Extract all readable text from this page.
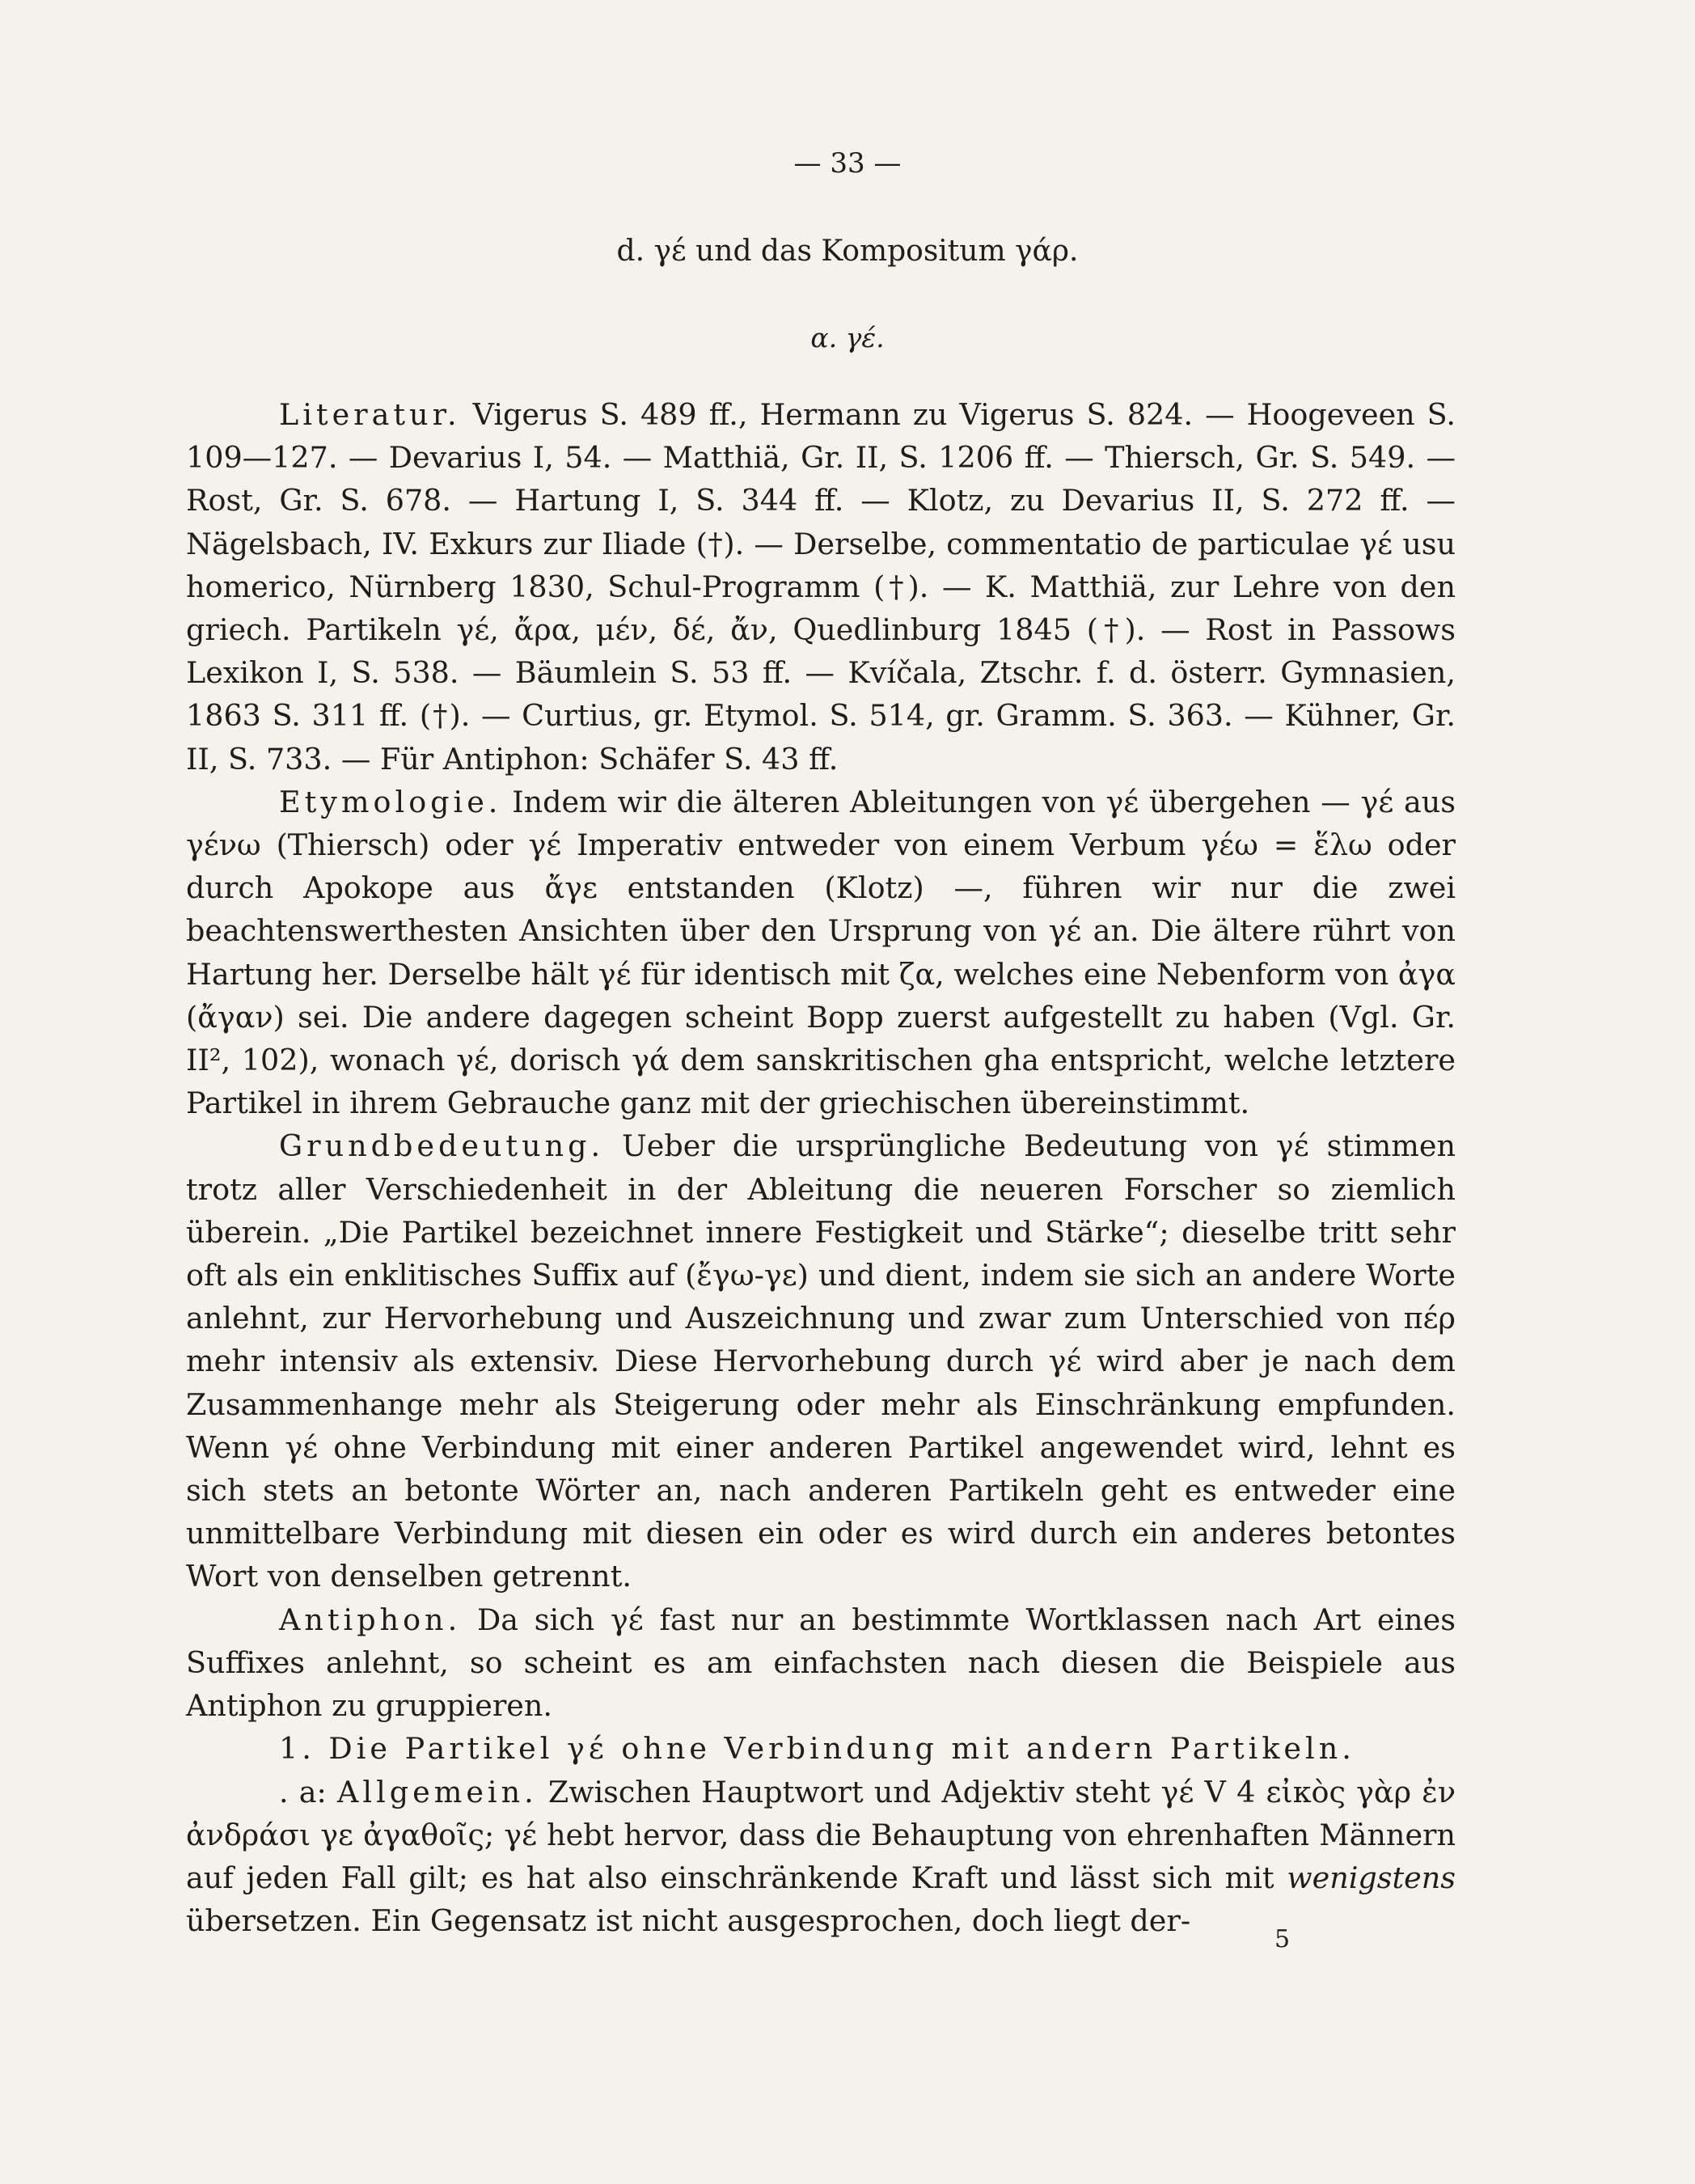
— 33 —
d. γέ und das Kompositum γάρ.
α. γέ.

Literatur. Vigerus S. 489 ff., Hermann zu Vigerus S. 824. — Hoogeveen S. 109—127. — Devarius I, 54. — Matthiä, Gr. II, S. 1206 ff. — Thiersch, Gr. S. 549. — Rost, Gr. S. 678. — Hartung I, S. 344 ff. — Klotz, zu Devarius II, S. 272 ff. — Nägelsbach, IV. Exkurs zur Iliade (†). — Derselbe, commentatio de particulae γέ usu homerico, Nürnberg 1830, Schul-Programm (†). — K. Matthiä, zur Lehre von den griech. Partikeln γέ, ἄρα, μέν, δέ, ἄν, Quedlinburg 1845 (†). — Rost in Passows Lexikon I, S. 538. — Bäumlein S. 53 ff. — Kvíčala, Ztschr. f. d. österr. Gymnasien, 1863 S. 311 ff. (†). — Curtius, gr. Etymol. S. 514, gr. Gramm. S. 363. — Kühner, Gr. II, S. 733. — Für Antiphon: Schäfer S. 43 ff.

Etymologie. Indem wir die älteren Ableitungen von γέ übergehen — γέ aus γένω (Thiersch) oder γέ Imperativ entweder von einem Verbum γέω = ἕλω oder durch Apokope aus ἄγε entstanden (Klotz) —, führen wir nur die zwei beachtenswerthesten Ansichten über den Ursprung von γέ an. Die ältere rührt von Hartung her. Derselbe hält γέ für identisch mit ζα, welches eine Nebenform von ἀγα (ἄγαν) sei. Die andere dagegen scheint Bopp zuerst aufgestellt zu haben (Vgl. Gr. II², 102), wonach γέ, dorisch γά dem sanskritischen gha entspricht, welche letztere Partikel in ihrem Gebrauche ganz mit der griechischen übereinstimmt.

Grundbedeutung. Ueber die ursprüngliche Bedeutung von γέ stimmen trotz aller Verschiedenheit in der Ableitung die neueren Forscher so ziemlich überein. „Die Partikel bezeichnet innere Festigkeit und Stärke“; dieselbe tritt sehr oft als ein enklitisches Suffix auf (ἔγω-γε) und dient, indem sie sich an andere Worte anlehnt, zur Hervorhebung und Auszeichnung und zwar zum Unterschied von πέρ mehr intensiv als extensiv. Diese Hervorhebung durch γέ wird aber je nach dem Zusammenhange mehr als Steigerung oder mehr als Einschränkung empfunden. Wenn γέ ohne Verbindung mit einer anderen Partikel angewendet wird, lehnt es sich stets an betonte Wörter an, nach anderen Partikeln geht es entweder eine unmittelbare Verbindung mit diesen ein oder es wird durch ein anderes betontes Wort von denselben getrennt.

Antiphon. Da sich γέ fast nur an bestimmte Wortklassen nach Art eines Suffixes anlehnt, so scheint es am einfachsten nach diesen die Beispiele aus Antiphon zu gruppieren.

1. Die Partikel γέ ohne Verbindung mit andern Partikeln.

. a: Allgemein. Zwischen Hauptwort und Adjektiv steht γέ V 4 εἰκὸς γὰρ ἐν ἀνδράσι γε ἀγαθοῖς; γέ hebt hervor, dass die Behauptung von ehrenhaften Männern auf jeden Fall gilt; es hat also einschränkende Kraft und lässt sich mit wenigstens übersetzen. Ein Gegensatz ist nicht ausgesprochen, doch liegt der-

5
